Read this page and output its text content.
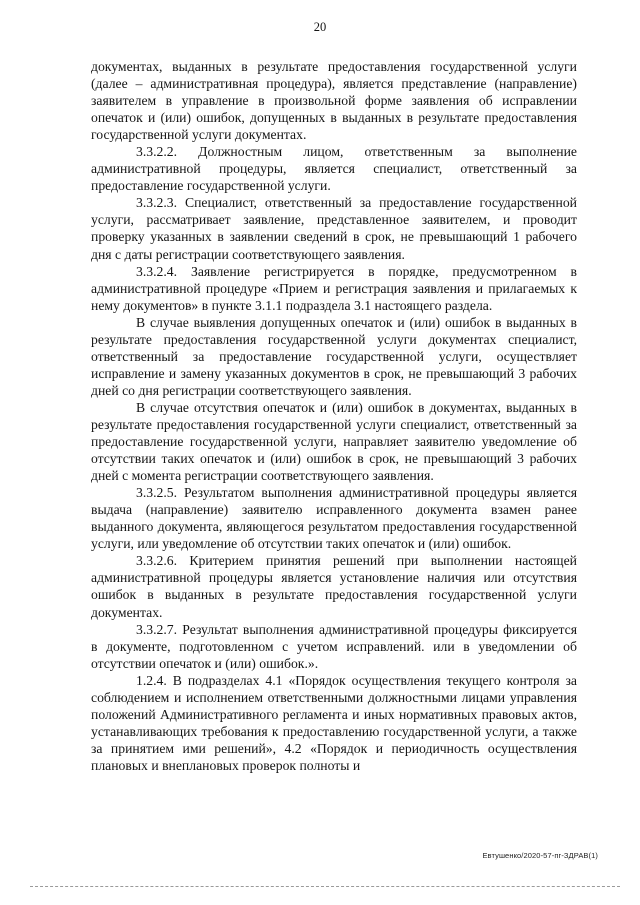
20

документах, выданных в результате предоставления государственной услуги (далее – административная процедура), является представление (направление) заявителем в управление в произвольной форме заявления об исправлении опечаток и (или) ошибок, допущенных в выданных в результате предоставления государственной услуги документах.

3.3.2.2. Должностным лицом, ответственным за выполнение административной процедуры, является специалист, ответственный за предоставление государственной услуги.

3.3.2.3. Специалист, ответственный за предоставление государственной услуги, рассматривает заявление, представленное заявителем, и проводит проверку указанных в заявлении сведений в срок, не превышающий 1 рабочего дня с даты регистрации соответствующего заявления.

3.3.2.4. Заявление регистрируется в порядке, предусмотренном в административной процедуре «Прием и регистрация заявления и прилагаемых к нему документов» в пункте 3.1.1 подраздела 3.1 настоящего раздела.

В случае выявления допущенных опечаток и (или) ошибок в выданных в результате предоставления государственной услуги документах специалист, ответственный за предоставление государственной услуги, осуществляет исправление и замену указанных документов в срок, не превышающий 3 рабочих дней со дня регистрации соответствующего заявления.

В случае отсутствия опечаток и (или) ошибок в документах, выданных в результате предоставления государственной услуги специалист, ответственный за предоставление государственной услуги, направляет заявителю уведомление об отсутствии таких опечаток и (или) ошибок в срок, не превышающий 3 рабочих дней с момента регистрации соответствующего заявления.

3.3.2.5. Результатом выполнения административной процедуры является выдача (направление) заявителю исправленного документа взамен ранее выданного документа, являющегося результатом предоставления государственной услуги, или уведомление об отсутствии таких опечаток и (или) ошибок.

3.3.2.6. Критерием принятия решений при выполнении настоящей административной процедуры является установление наличия или отсутствия ошибок в выданных в результате предоставления государственной услуги документах.

3.3.2.7. Результат выполнения административной процедуры фиксируется в документе, подготовленном с учетом исправлений. или в уведомлении об отсутствии опечаток и (или) ошибок.».

1.2.4. В подразделах 4.1 «Порядок осуществления текущего контроля за соблюдением и исполнением ответственными должностными лицами управления положений Административного регламента и иных нормативных правовых актов, устанавливающих требования к предоставлению государственной услуги, а также за принятием ими решений», 4.2 «Порядок и периодичность осуществления плановых и внеплановых проверок полноты и

Евтушенко/2020-57-пг-ЗДРАВ(1)
